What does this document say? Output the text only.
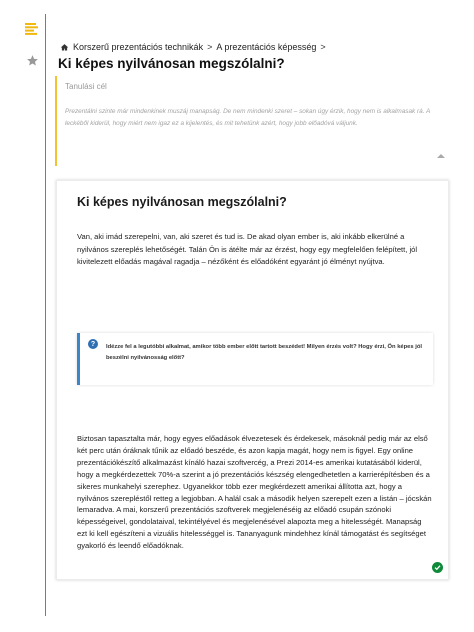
Korszerű prezentációs technikák > A prezentációs képesség >
Ki képes nyilvánosan megszólalni?
Tanulási cél
Prezentálni szinte már mindenkinek muszáj manapság. De nem mindenki szeret – sokan úgy érzik, hogy nem is alkalmasak rá. A leckéből kiderül, hogy miért nem igaz ez a kijelentés, és mit tehetünk azért, hogy jobb előadóvá váljunk.
Ki képes nyilvánosan megszólalni?

Van, aki imád szerepelni, van, aki szeret és tud is. De akad olyan ember is, aki inkább elkerülné a nyilvános szereplés lehetőségét. Talán Ön is átélte már az érzést, hogy egy megfelelően felépített, jól kivitelezett előadás magával ragadja – nézőként és előadóként egyaránt jó élményt nyújtva.

?	Idézze fel a legutóbbi alkalmat, amikor több ember előtt tartott beszédet! Milyen érzés volt? Hogy érzi, Ön képes jól beszélni nyilvánosság előtt?

Biztosan tapasztalta már, hogy egyes előadások élvezetesek és érdekesek, másoknál pedig már az első két perc után óráknak tűnik az előadó beszéde, és azon kapja magát, hogy nem is figyel. Egy online prezentációkészítő alkalmazást kínáló hazai szoftvercég, a Prezi 2014-es amerikai kutatásából kiderül, hogy a megkérdezettek 70%-a szerint a jó prezentációs készség elengedhetetlen a karrierépítésben és a sikeres munkahelyi szerephez. Ugyanekkor több ezer megkérdezett amerikai állította azt, hogy a nyilvános szerepléstől retteg a legjobban. A halál csak a második helyen szerepelt ezen a listán – jócskán lemaradva. A mai, korszerű prezentációs szoftverek megjelenéséig az előadó csupán szónoki képességeivel, gondolataival, tekintélyével és megjelenésével alapozta meg a hitelességét. Manapság ezt ki kell egészíteni a vizuális hitelességgel is. Tananyagunk mindehhez kínál támogatást és segítséget gyakorló és leendő előadóknak.
